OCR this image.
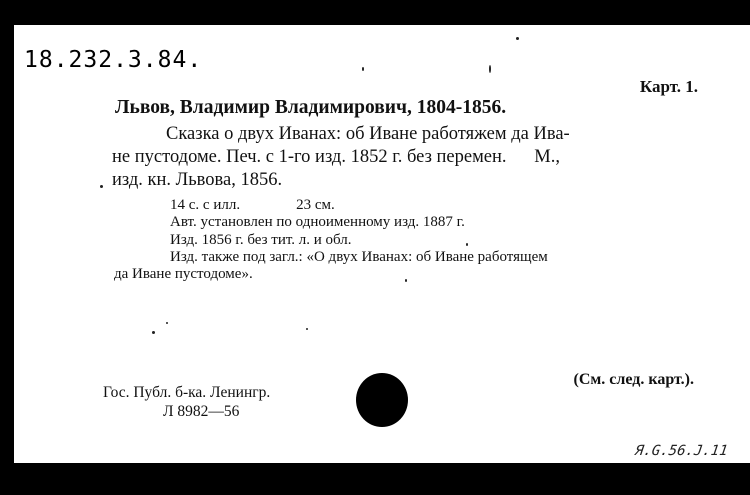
18.232.3.84.
Карт. 1.
Львов, Владимир Владимирович, 1804-1856.
Сказка о двух Иванах: об Иване работяжем да Ива-
не пустодоме. Печ. с 1-го изд. 1852 г. без перемен.      М.,
изд. кн. Львова, 1856.
14 с. с илл.	23 см.
Авт. установлен по одноименному изд. 1887 г.
Изд. 1856 г. без тит. л. и обл.
Изд. также под загл.: «О двух Иванах: об Иване работящем
да Иване пустодоме».
(См. след. карт.).
Гос. Публ. б-ка. Ленингр.
Л 8982—56
Я.G.56.J.11
